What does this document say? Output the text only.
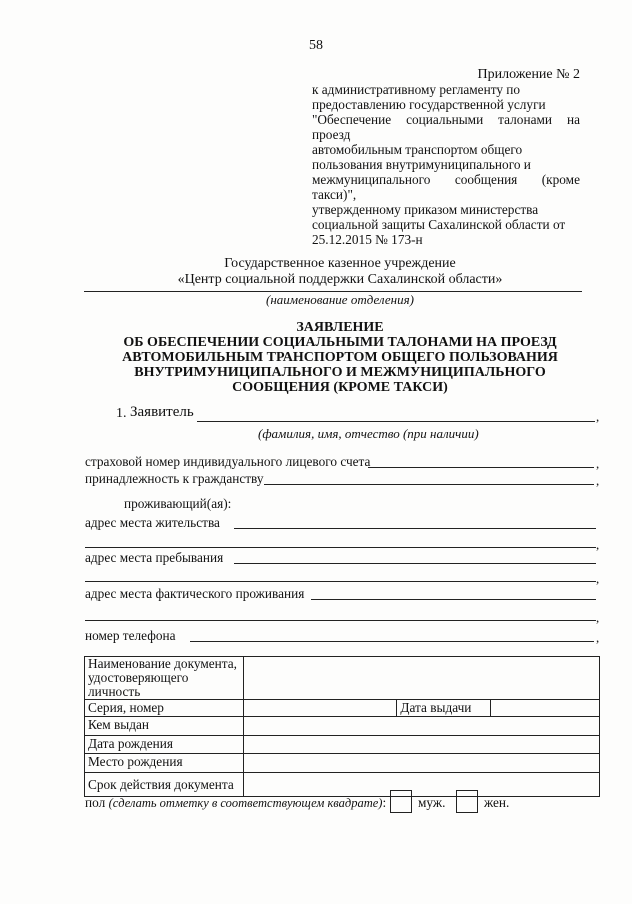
58
Приложение № 2
к административному регламенту по
предоставлению государственной услуги
"Обеспечение социальными талонами на проезд
автомобильным транспортом общего
пользования внутримуниципального и
межмуниципального сообщения (кроме такси)",
утвержденному приказом министерства
социальной защиты Сахалинской области от
25.12.2015 № 173-н
Государственное казенное учреждение
«Центр социальной поддержки Сахалинской области»
(наименование отделения)
ЗАЯВЛЕНИЕ
ОБ ОБЕСПЕЧЕНИИ СОЦИАЛЬНЫМИ ТАЛОНАМИ НА ПРОЕЗД
АВТОМОБИЛЬНЫМ ТРАНСПОРТОМ ОБЩЕГО ПОЛЬЗОВАНИЯ
ВНУТРИМУНИЦИПАЛЬНОГО И МЕЖМУНИЦИПАЛЬНОГО
СООБЩЕНИЯ (КРОМЕ ТАКСИ)
1. Заявитель	,
(фамилия, имя, отчество (при наличии)
страховой номер индивидуального лицевого счета	,
принадлежность к гражданству	,
проживающий(ая):
адрес места жительства
,
адрес места пребывания
,
адрес места фактического проживания
,
номер телефона	,
Наименование документа, удостоверяющего личность			
Серия, номер		Дата выдачи	
Кем выдан			
Дата рождения			
Место рождения			
Срок действия документа			
пол (сделать отметку в соответствующем квадрате): муж.	жен.
